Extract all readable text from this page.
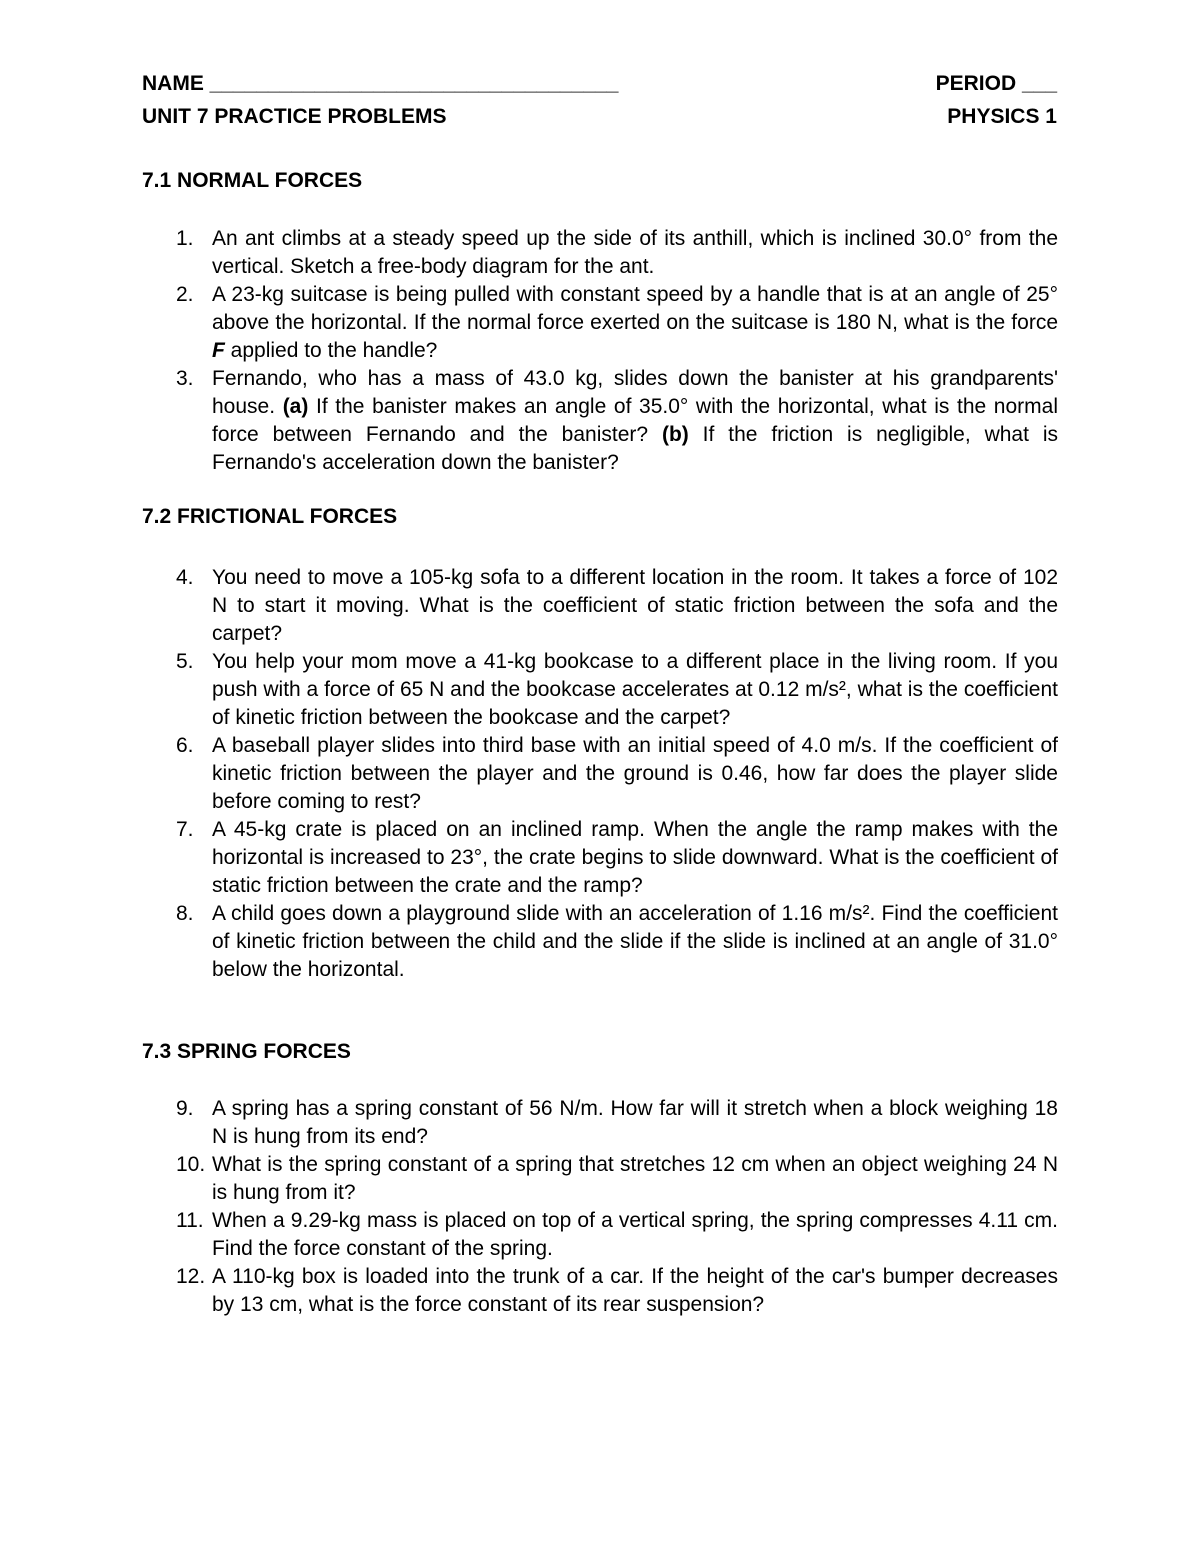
NAME ___________________________________	PERIOD ___
UNIT 7 PRACTICE PROBLEMS	PHYSICS 1
7.1 NORMAL FORCES
1. An ant climbs at a steady speed up the side of its anthill, which is inclined 30.0° from the vertical. Sketch a free-body diagram for the ant.
2. A 23-kg suitcase is being pulled with constant speed by a handle that is at an angle of 25° above the horizontal. If the normal force exerted on the suitcase is 180 N, what is the force F applied to the handle?
3. Fernando, who has a mass of 43.0 kg, slides down the banister at his grandparents' house. (a) If the banister makes an angle of 35.0° with the horizontal, what is the normal force between Fernando and the banister? (b) If the friction is negligible, what is Fernando's acceleration down the banister?
7.2 FRICTIONAL FORCES
4. You need to move a 105-kg sofa to a different location in the room. It takes a force of 102 N to start it moving. What is the coefficient of static friction between the sofa and the carpet?
5. You help your mom move a 41-kg bookcase to a different place in the living room. If you push with a force of 65 N and the bookcase accelerates at 0.12 m/s², what is the coefficient of kinetic friction between the bookcase and the carpet?
6. A baseball player slides into third base with an initial speed of 4.0 m/s. If the coefficient of kinetic friction between the player and the ground is 0.46, how far does the player slide before coming to rest?
7. A 45-kg crate is placed on an inclined ramp. When the angle the ramp makes with the horizontal is increased to 23°, the crate begins to slide downward. What is the coefficient of static friction between the crate and the ramp?
8. A child goes down a playground slide with an acceleration of 1.16 m/s². Find the coefficient of kinetic friction between the child and the slide if the slide is inclined at an angle of 31.0° below the horizontal.
7.3 SPRING FORCES
9. A spring has a spring constant of 56 N/m. How far will it stretch when a block weighing 18 N is hung from its end?
10. What is the spring constant of a spring that stretches 12 cm when an object weighing 24 N is hung from it?
11. When a 9.29-kg mass is placed on top of a vertical spring, the spring compresses 4.11 cm. Find the force constant of the spring.
12. A 110-kg box is loaded into the trunk of a car. If the height of the car's bumper decreases by 13 cm, what is the force constant of its rear suspension?
